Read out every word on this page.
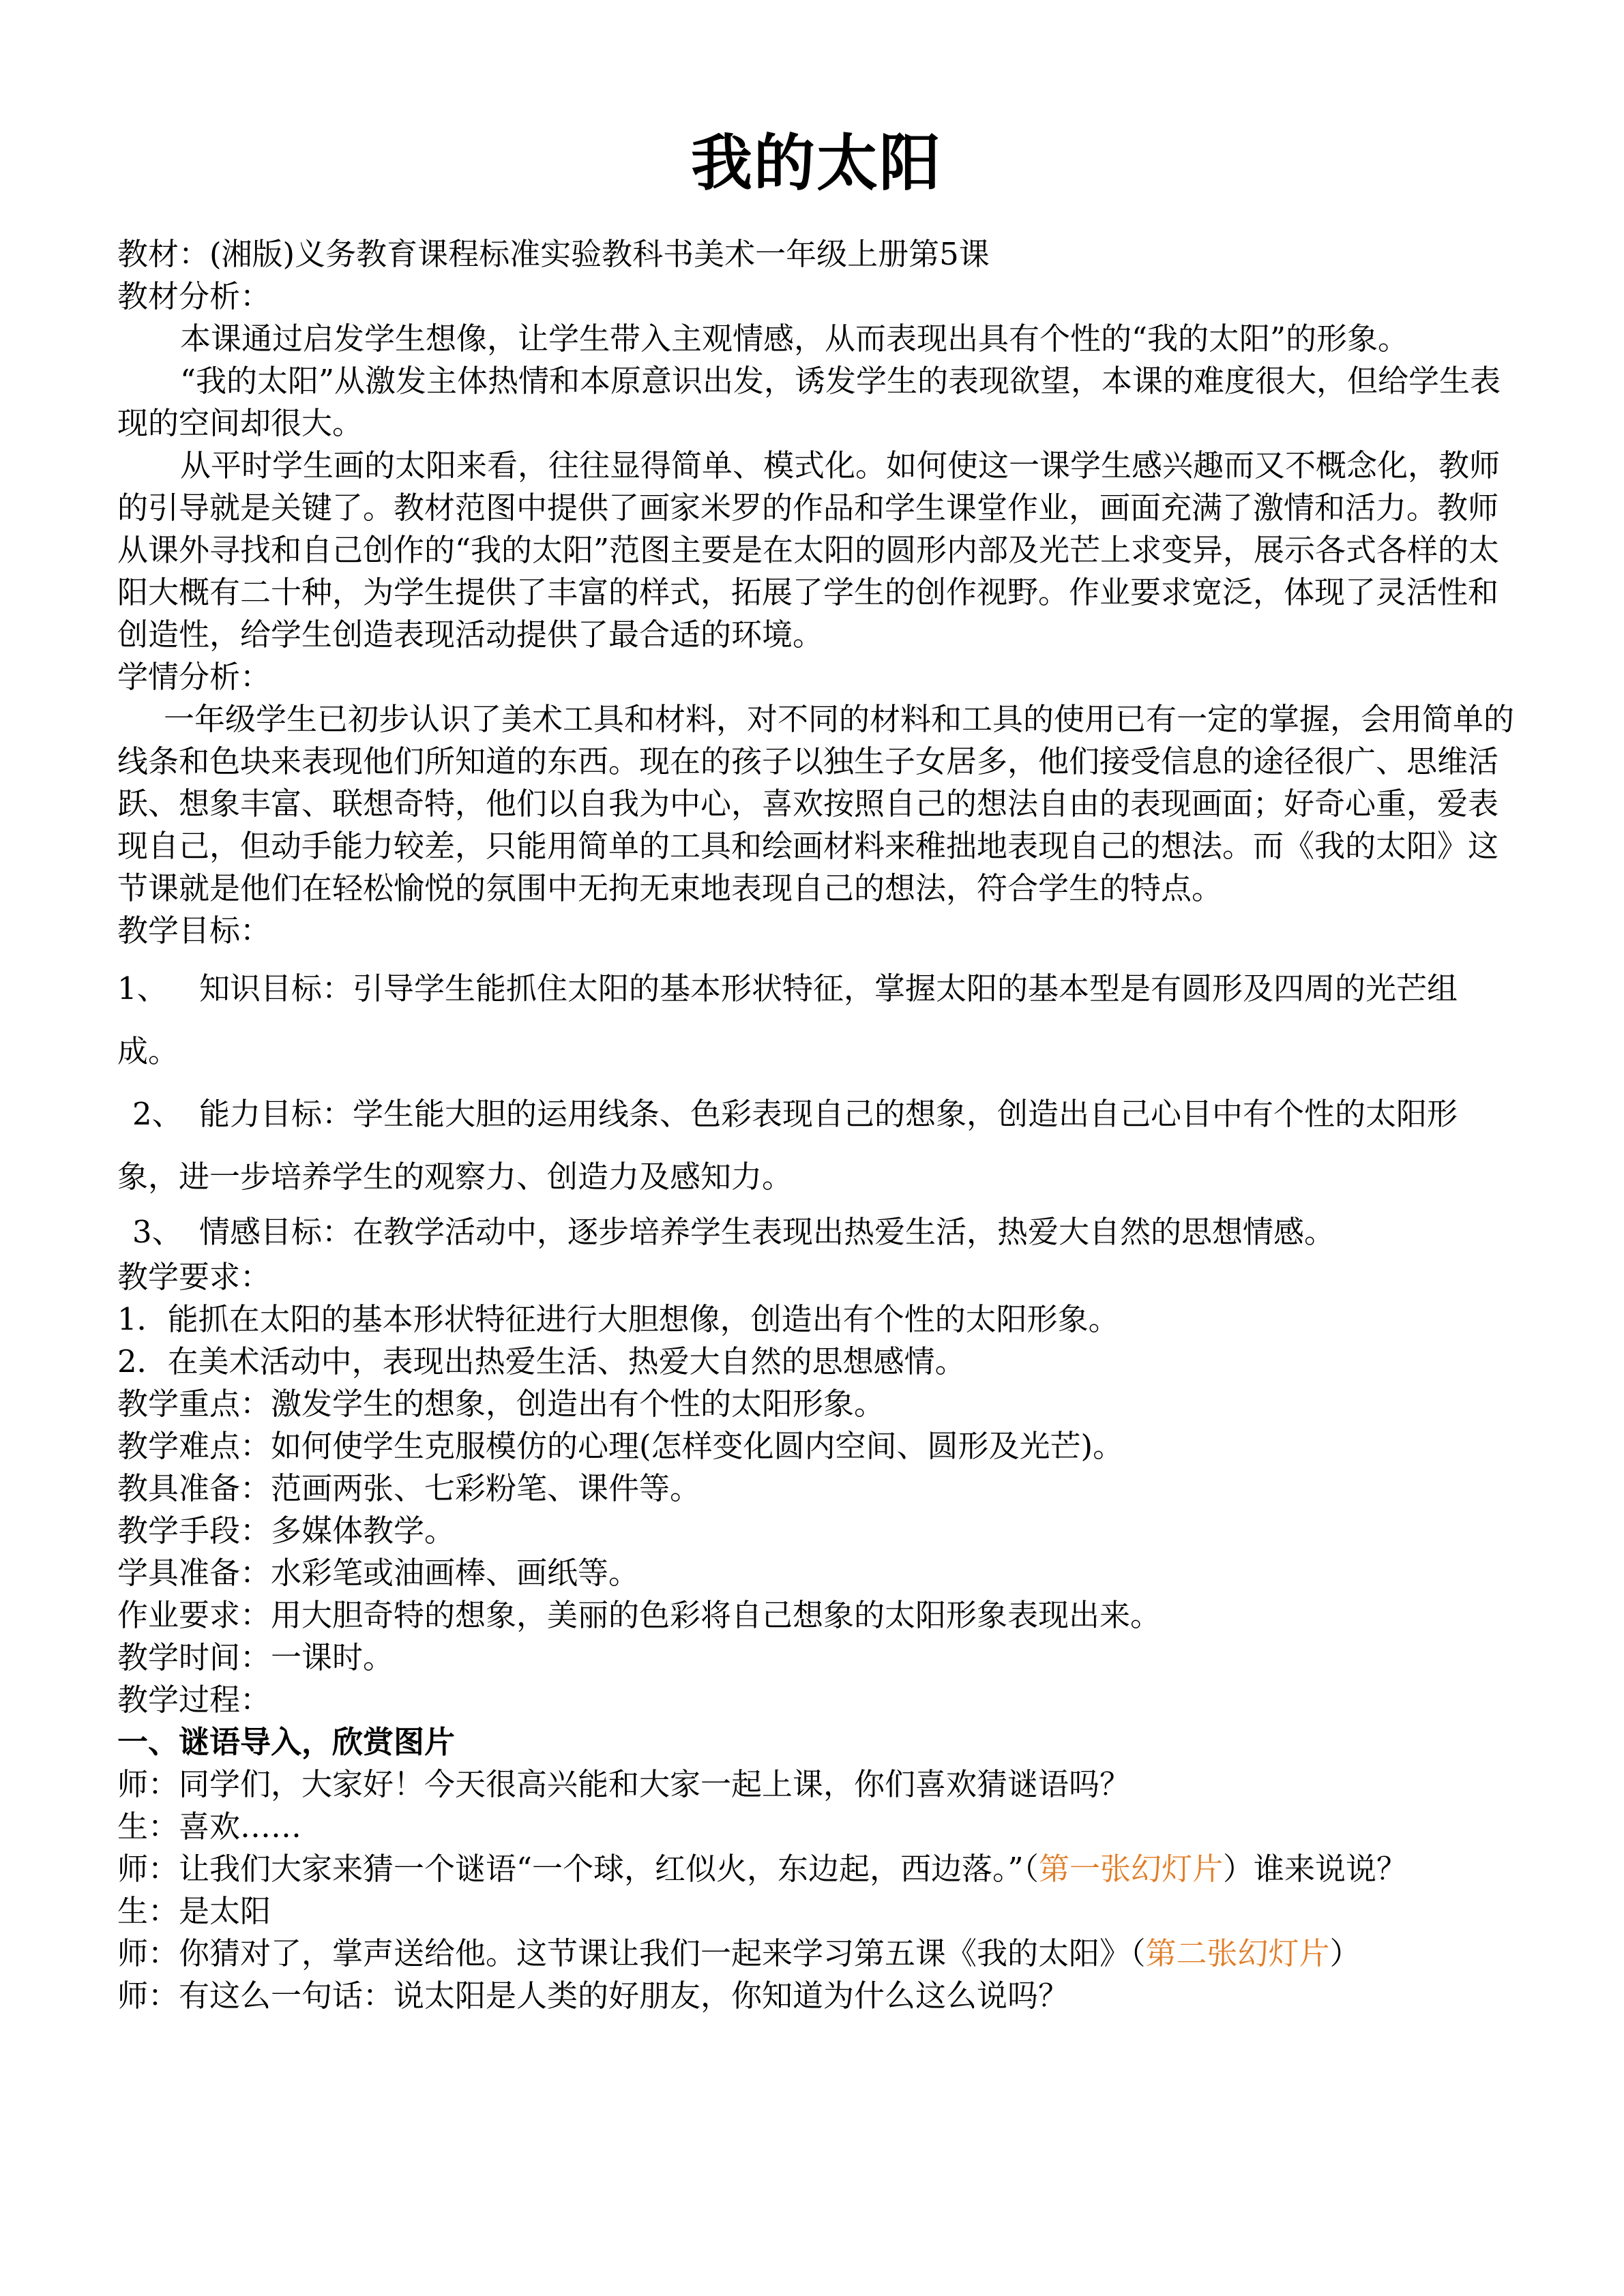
我的太阳

教材：(湘版)义务教育课程标准实验教科书美术一年级上册第5课

教材分析：

本课通过启发学生想像，让学生带入主观情感，从而表现出具有个性的“我的太阳”的形象。

“我的太阳”从激发主体热情和本原意识出发，诱发学生的表现欲望，本课的难度很大，但给学生表现的空间却很大。

从平时学生画的太阳来看，往往显得简单、模式化。如何使这一课学生感兴趣而又不概念化，教师的引导就是关键了。教材范图中提供了画家米罗的作品和学生课堂作业，画面充满了激情和活力。教师从课外寻找和自己创作的“我的太阳”范图主要是在太阳的圆形内部及光芒上求变异，展示各式各样的太阳大概有二十种，为学生提供了丰富的样式，拓展了学生的创作视野。作业要求宽泛，体现了灵活性和创造性，给学生创造表现活动提供了最合适的环境。

学情分析：

一年级学生已初步认识了美术工具和材料，对不同的材料和工具的使用已有一定的掌握，会用简单的线条和色块来表现他们所知道的东西。现在的孩子以独生子女居多，他们接受信息的途径很广、思维活跃、想象丰富、联想奇特，他们以自我为中心，喜欢按照自己的想法自由的表现画面；好奇心重，爱表现自己，但动手能力较差，只能用简单的工具和绘画材料来稚拙地表现自己的想法。而《我的太阳》这节课就是他们在轻松愉悦的氛围中无拘无束地表现自己的想法，符合学生的特点。

教学目标：

1、 知识目标：引导学生能抓住太阳的基本形状特征，掌握太阳的基本型是有圆形及四周的光芒组成。

2、 能力目标：学生能大胆的运用线条、色彩表现自己的想象，创造出自己心目中有个性的太阳形象，进一步培养学生的观察力、创造力及感知力。

3、 情感目标：在教学活动中，逐步培养学生表现出热爱生活，热爱大自然的思想情感。

教学要求：

1．能抓在太阳的基本形状特征进行大胆想像，创造出有个性的太阳形象。

2．在美术活动中，表现出热爱生活、热爱大自然的思想感情。

教学重点：激发学生的想象，创造出有个性的太阳形象。

教学难点：如何使学生克服模仿的心理(怎样变化圆内空间、圆形及光芒)。

教具准备：范画两张、七彩粉笔、课件等。

教学手段：多媒体教学。

学具准备：水彩笔或油画棒、画纸等。

作业要求：用大胆奇特的想象，美丽的色彩将自己想象的太阳形象表现出来。

教学时间：一课时。

教学过程：

一、谜语导入，欣赏图片

师：同学们，大家好！今天很高兴能和大家一起上课，你们喜欢猜谜语吗？

生：喜欢……

师：让我们大家来猜一个谜语“一个球，红似火，东边起，西边落。”（第一张幻灯片）谁来说说？

生：是太阳

师：你猜对了，掌声送给他。这节课让我们一起来学习第五课《我的太阳》（第二张幻灯片）

师：有这么一句话：说太阳是人类的好朋友，你知道为什么这么说吗？
